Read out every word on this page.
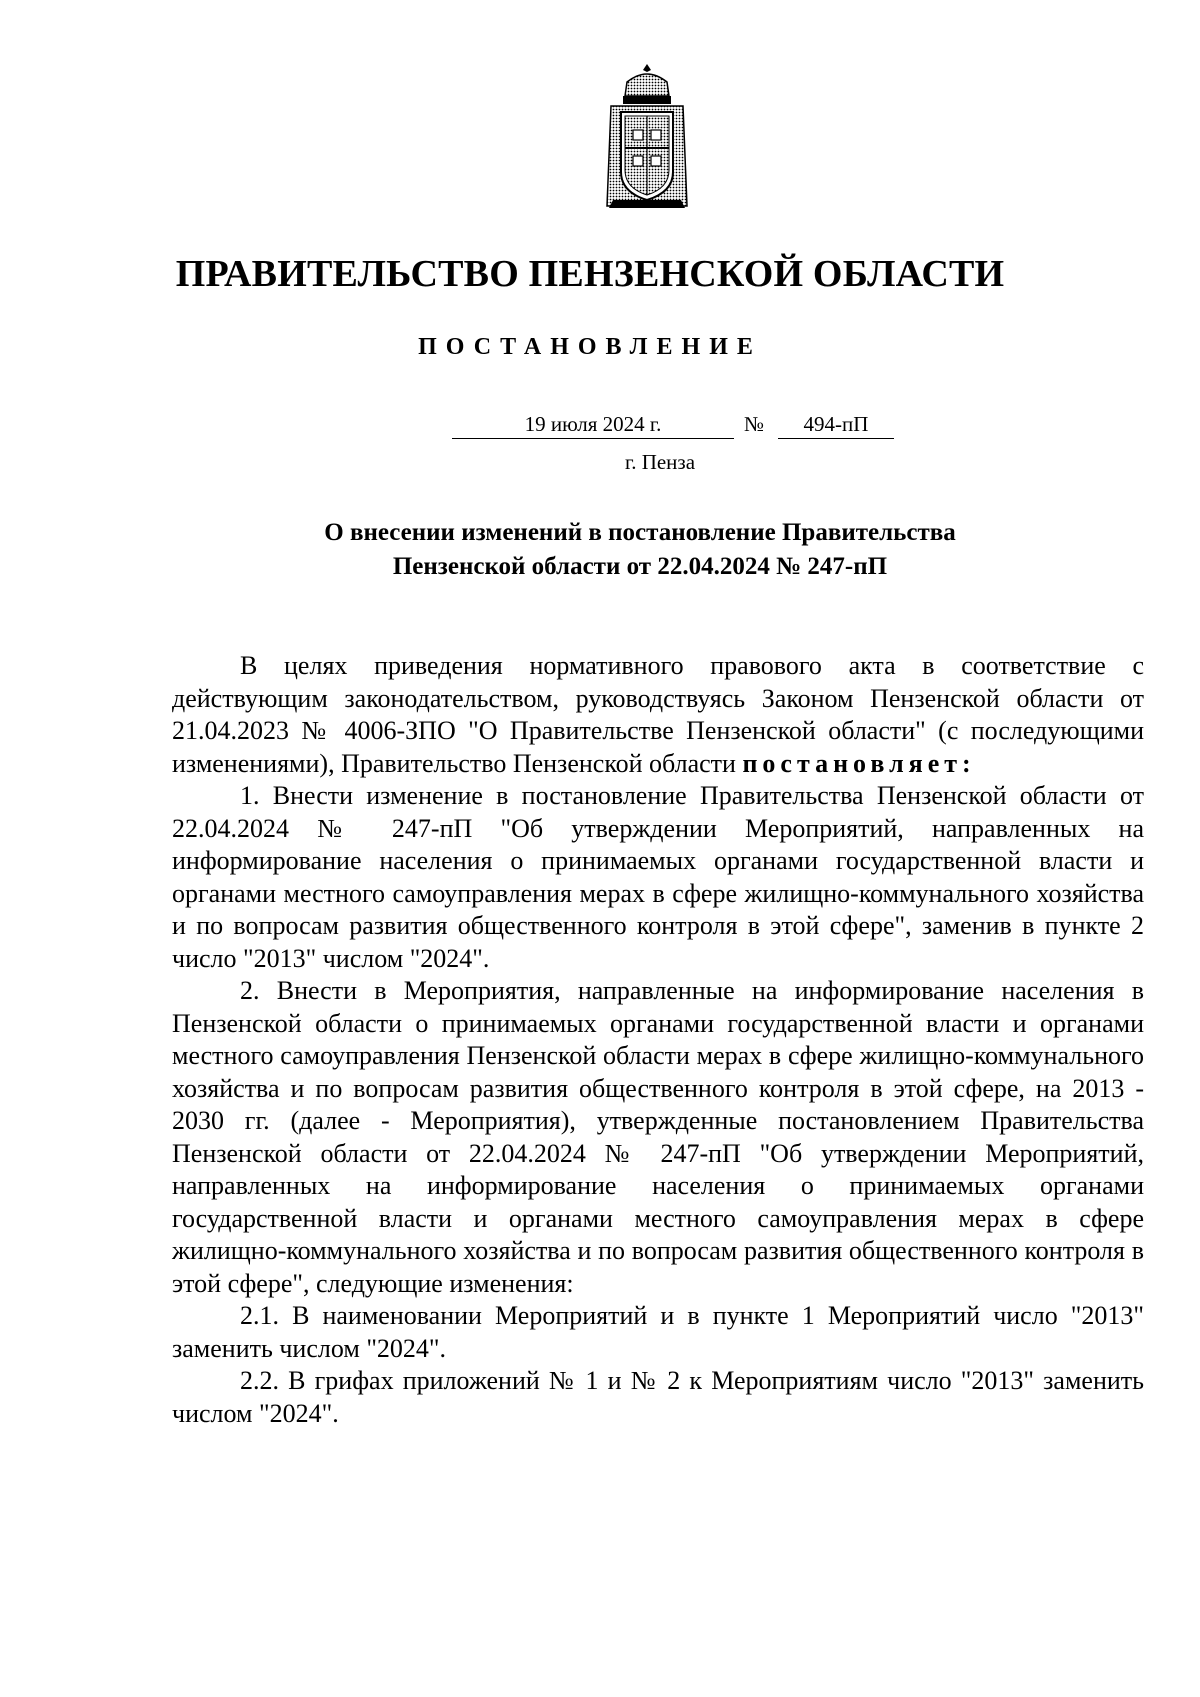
ПРАВИТЕЛЬСТВО ПЕНЗЕНСКОЙ ОБЛАСТИ
ПОСТАНОВЛЕНИЕ
19 июля 2024 г.	№	494-пП
г. Пенза
О внесении изменений в постановление Правительства
Пензенской области от 22.04.2024 № 247-пП

В целях приведения нормативного правового акта в соответствие с действующим законодательством, руководствуясь Законом Пензенской области от 21.04.2023 № 4006-ЗПО "О Правительстве Пензенской области" (с последующими изменениями), Правительство Пензенской области постановляет:

1. Внести изменение в постановление Правительства Пензенской области от 22.04.2024 № 247-пП "Об утверждении Мероприятий, направленных на информирование населения о принимаемых органами государственной власти и органами местного самоуправления мерах в сфере жилищно-коммунального хозяйства и по вопросам развития общественного контроля в этой сфере", заменив в пункте 2 число "2013" числом "2024".

2. Внести в Мероприятия, направленные на информирование населения в Пензенской области о принимаемых органами государственной власти и органами местного самоуправления Пензенской области мерах в сфере жилищно-коммунального хозяйства и по вопросам развития общественного контроля в этой сфере, на 2013 - 2030 гг. (далее - Мероприятия), утвержденные постановлением Правительства Пензенской области от 22.04.2024 № 247-пП "Об утверждении Мероприятий, направленных на информирование населения о принимаемых органами государственной власти и органами местного самоуправления мерах в сфере жилищно-коммунального хозяйства и по вопросам развития общественного контроля в этой сфере", следующие изменения:

2.1. В наименовании Мероприятий и в пункте 1 Мероприятий число "2013" заменить числом "2024".

2.2. В грифах приложений № 1 и № 2 к Мероприятиям число "2013" заменить числом "2024".
